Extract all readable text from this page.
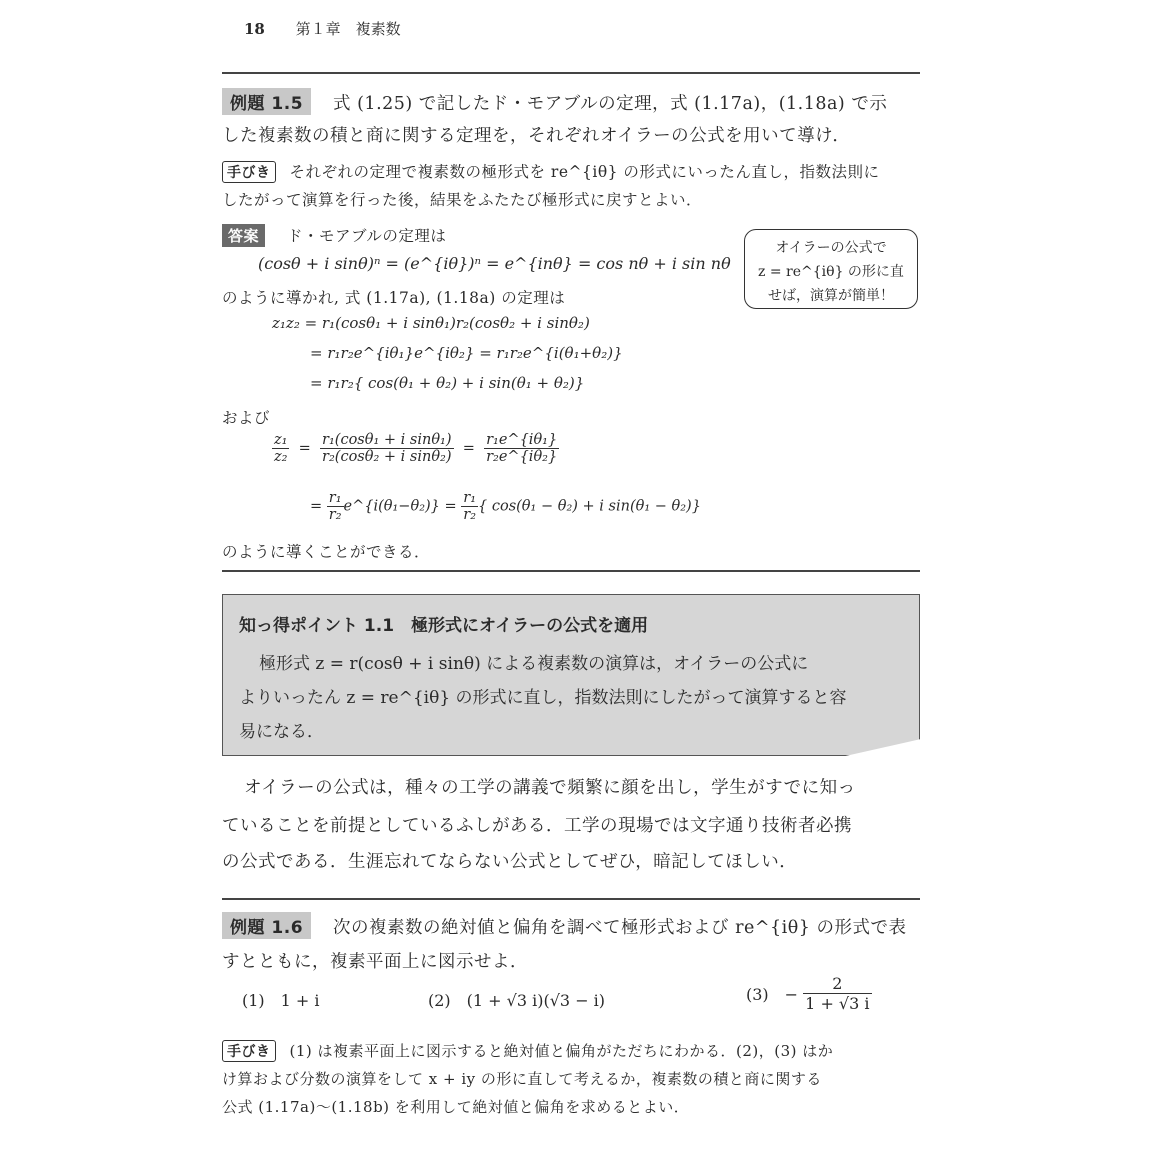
18 第１章　複素数
例題 1.5 式 (1.25) で記したド・モアブルの定理，式 (1.17a)，(1.18a) で示
した複素数の積と商に関する定理を，それぞれオイラーの公式を用いて導け．
手びき それぞれの定理で複素数の極形式を re^{iθ} の形式にいったん直し，指数法則に
したがって演算を行った後，結果をふたたび極形式に戻すとよい．
答案 ド・モアブルの定理は
(cosθ + i sinθ)ⁿ = (e^{iθ})ⁿ = e^{inθ} = cos nθ + i sin nθ
オイラーの公式で
z = re^{iθ} の形に直
せば，演算が簡単！
のように導かれ, 式 (1.17a), (1.18a) の定理は
z₁z₂ = r₁(cosθ₁ + i sinθ₁)r₂(cosθ₂ + i sinθ₂)
= r₁r₂e^{iθ₁}e^{iθ₂} = r₁r₂e^{i(θ₁+θ₂)}
= r₁r₂{ cos(θ₁ + θ₂) + i sin(θ₁ + θ₂)}
および
$\frac{\text{z₁}}{\text{z₂}} = \frac{\text{r₁(cosθ₁ + i sinθ₁)}}{\text{r₂(cosθ₂ + i sinθ₂)}} = \frac{\text{r₁e\textasciicircum{}\{iθ₁\}}}{\text{r₂e\textasciicircum{}\{iθ₂\}}}$
= $\frac{\text{r₁}}{\text{r₂}}$ e^{i(θ₁−θ₂)} = $\frac{\text{r₁}}{\text{r₂}}$ { cos(θ₁ − θ₂) + i sin(θ₁ − θ₂)}
のように導くことができる．
知っ得ポイント 1.1　極形式にオイラーの公式を適用
極形式 z = r(cosθ + i sinθ) による複素数の演算は，オイラーの公式に
よりいったん z = re^{iθ} の形式に直し，指数法則にしたがって演算すると容
易になる．
オイラーの公式は，種々の工学の講義で頻繁に顔を出し，学生がすでに知っ
ていることを前提としているふしがある．工学の現場では文字通り技術者必携
の公式である．生涯忘れてならない公式としてぜひ，暗記してほしい．
例題 1.6 次の複素数の絶対値と偏角を調べて極形式および re^{iθ} の形式で表
すとともに，複素平面上に図示せよ．
(1)　1 + i	(2)　(1 + √3 i)(√3 − i)	(3)　− $\frac{2}{1 + √3 i}$
手びき (1) は複素平面上に図示すると絶対値と偏角がただちにわかる．(2)，(3) はか
け算および分数の演算をして x + iy の形に直して考えるか，複素数の積と商に関する
公式 (1.17a)〜(1.18b) を利用して絶対値と偏角を求めるとよい．
